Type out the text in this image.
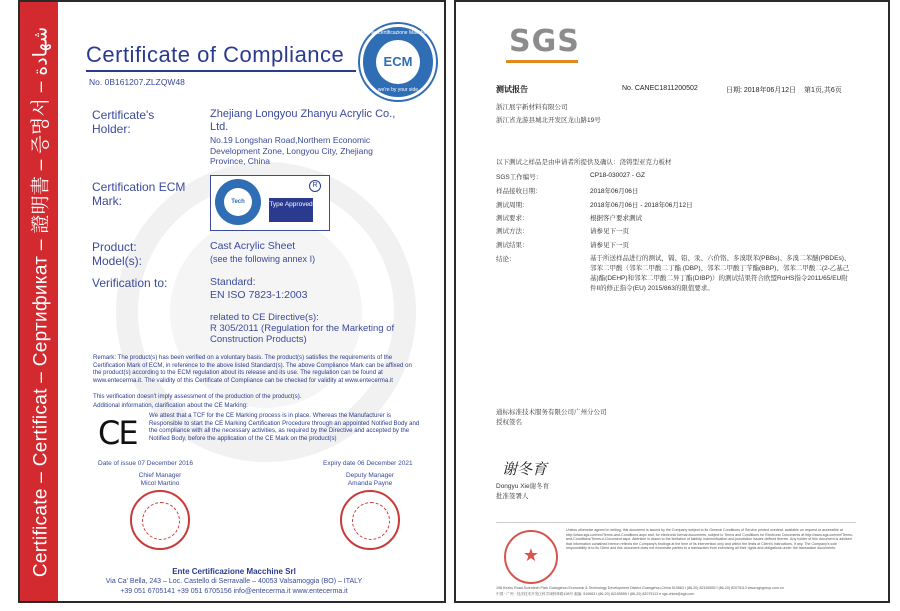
Certificate – Certificat – Сертификат – 證明書 – 증명서 – شهادة Certificate of Compliance
No. 0B161207.ZLZQW48
Ente Certificazione Macchine
ECM
we're by your side
Certificate's Holder:
Zhejiang Longyou Zhanyu Acrylic Co., Ltd.
No.19 Longshan Road,Northern Economic Development Zone, Longyou City, Zhejiang Province, China
Certification ECM Mark:	Tech	Type Approved
R
Product: Model(s):
Cast Acrylic Sheet
(see the following annex I)
Verification to:	Standard:
EN ISO 7823-1:2003
related to CE Directive(s):
R 305/2011 (Regulation for the Marketing of Construction Products)
Remark: The product(s) has been verified on a voluntary basis. The product(s) satisfies the requirements of the Certification Mark of ECM, in reference to the above listed Standard(s). The above Compliance Mark can be affixed on the product(s) according to the ECM regulation about its release and its use. The regulation can be found at www.entecerma.it. The validity of this Certificate of Compliance can be checked for validity at www.entecerma.it
This verification doesn't imply assessment of the production of the product(s).
Additional information, clarification about the CE Marking:
CE We attest that a TCF for the CE Marking process is in place. Whereas the Manufacturer is Responsible to start the CE Marking Certification Procedure through an appointed Notified Body and the compliance with all the necessary activities, as required by the Directive and accepted by the Notified Body, before the application of the CE Mark on the product(s)
Date of issue 07 December 2016	Expiry date 06 December 2021
Chief Manager
Micol Martino
Deputy Manager
Amanda Payne
Ente Certificazione Macchine Srl
Via Ca' Bella, 243 – Loc. Castello di Serravalle – 40053 Valsamoggia (BO) – ITALY
+39 051 6705141 +39 051 6705156 info@entecerma.it www.entecerma.it
SGS
测试报告	No. CANEC1811200502	日期: 2018年06月12日 第1页,共6页
浙江展宇新材料有限公司
浙江省龙游县城北开发区龙山路19号
以下测试之样品是由申请者所提供及确认：浇铸型亚克力板材
SGS工作编号：	CP18-030027 - GZ
样品接收日期：	2018年06月06日
测试周期：	2018年06月06日 - 2018年06月12日
测试要求：	根据客户要求测试
测试方法：	请参见下一页
测试结果：	请参见下一页
结论：	基于所送样品进行的测试，镉、铅、汞、六价铬、多溴联苯(PBBs)、多溴二苯醚(PBDEs)、邻苯二甲酸（邻苯二甲酸二丁酯 (DBP)、邻苯二甲酸丁苄酯(BBP)、邻苯二甲酸二(2-乙基己基)酯(DEHP)和邻苯二甲酸二异丁酯(DIBP)）的测试结果符合欧盟RoHS指令2011/65/EU附件II的修正指令(EU) 2015/863的限值要求。
通标标准技术服务有限公司广州分公司
授权签名
谢冬育
Dongyu Xie谢冬育
批准签署人
★
Unless otherwise agreed in writing, this document is issued by the Company subject to its General Conditions of Service printed overleaf, available on request or accessible at http://www.sgs.com/en/Terms-and-Conditions.aspx and, for electronic format documents, subject to Terms and Conditions for Electronic Documents at http://www.sgs.com/en/Terms-and-Conditions/Terms-e-Document.aspx. Attention is drawn to the limitation of liability, indemnification and jurisdiction issues defined therein. Any holder of this document is advised that information contained hereon reflects the Company's findings at the time of its intervention only and within the limits of Client's instructions, if any. The Company's sole responsibility is to its Client and this document does not exonerate parties to a transaction from exercising all their rights and obligations under the transaction documents.
198 Kezhu Road,Scientech Park Guangzhou Economic & Technology Development District,Guangzhou,China 510663 t (86-20) 82155555 f (86-20) 82075113 www.sgsgroup.com.cn
中国 · 广州 · 经济技术开发区科学城科珠路198号 邮编: 510663 t (86-20) 82155555 f (86-20) 82075113 e sgs.china@sgs.com
